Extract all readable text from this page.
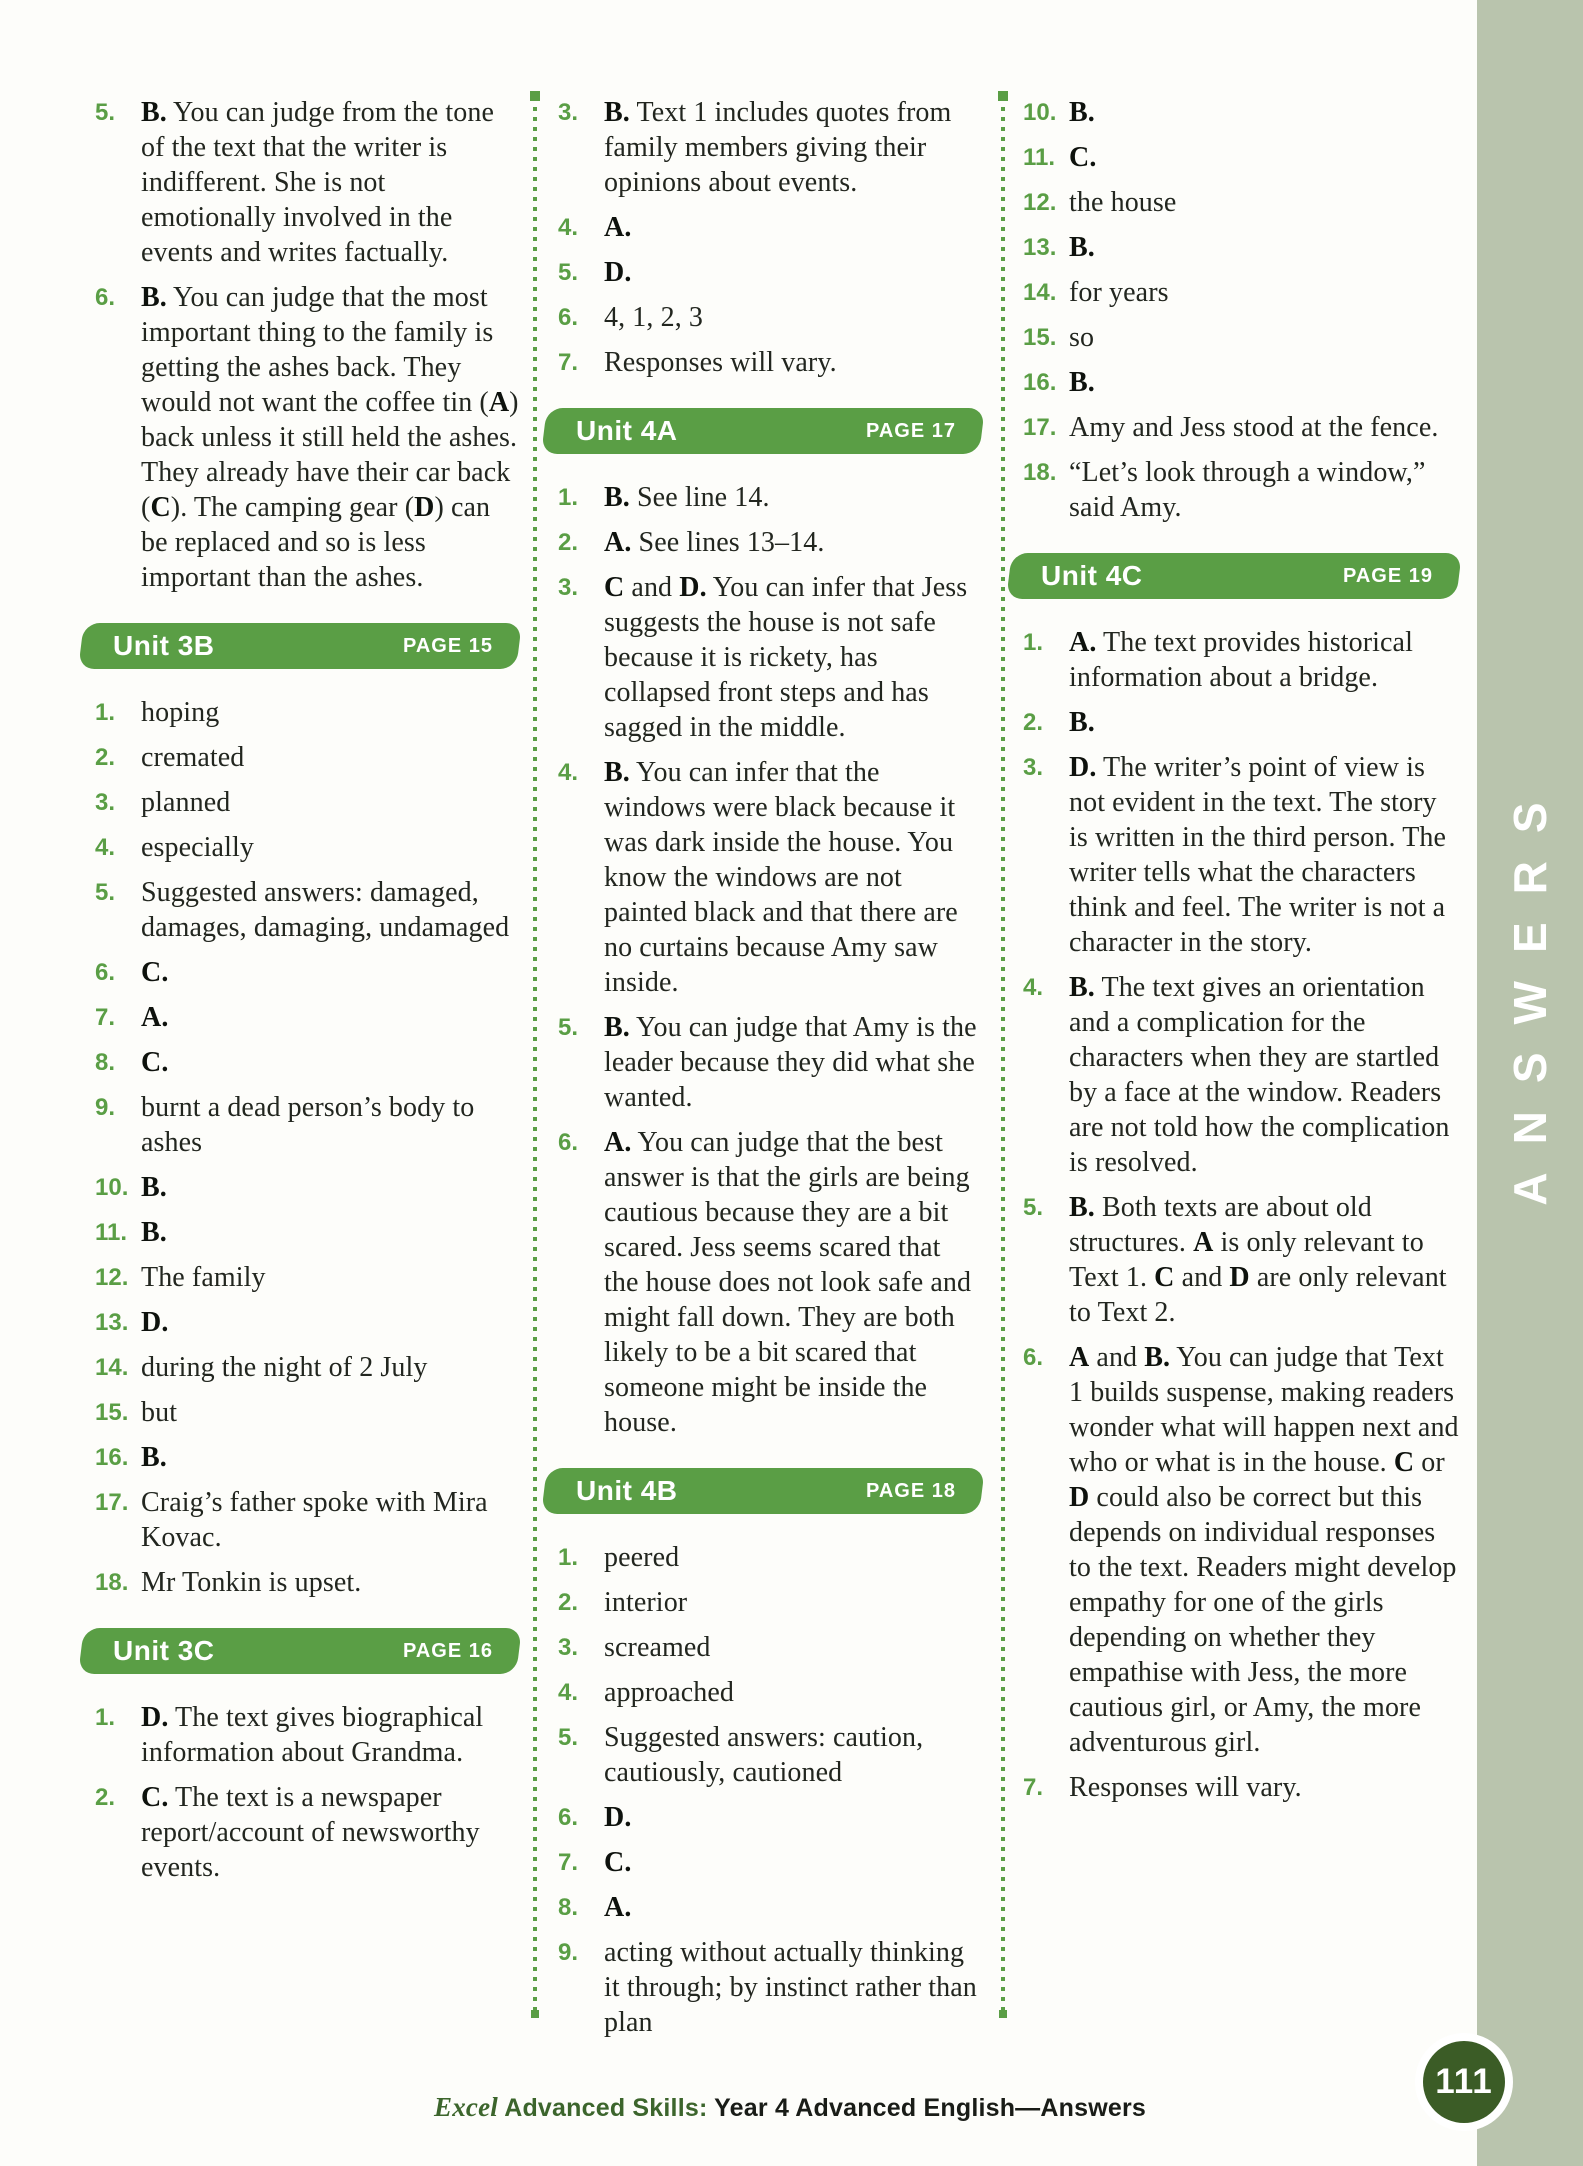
5. B. You can judge from the tone of the text that the writer is indifferent. She is not emotionally involved in the events and writes factually.
6. B. You can judge that the most important thing to the family is getting the ashes back. They would not want the coffee tin (A) back unless it still held the ashes. They already have their car back (C). The camping gear (D) can be replaced and so is less important than the ashes.
Unit 3B	PAGE 15
1. hoping
2. cremated
3. planned
4. especially
5. Suggested answers: damaged, damages, damaging, undamaged
6. C.
7. A.
8. C.
9. burnt a dead person’s body to ashes
10. B.
11. B.
12. The family
13. D.
14. during the night of 2 July
15. but
16. B.
17. Craig’s father spoke with Mira Kovac.
18. Mr Tonkin is upset.
Unit 3C	PAGE 16
1. D. The text gives biographical information about Grandma.
2. C. The text is a newspaper report/account of newsworthy events.
3. B. Text 1 includes quotes from family members giving their opinions about events.
4. A.
5. D.
6. 4, 1, 2, 3
7. Responses will vary.
Unit 4A	PAGE 17
1. B. See line 14.
2. A. See lines 13–14.
3. C and D. You can infer that Jess suggests the house is not safe because it is rickety, has collapsed front steps and has sagged in the middle.
4. B. You can infer that the windows were black because it was dark inside the house. You know the windows are not painted black and that there are no curtains because Amy saw inside.
5. B. You can judge that Amy is the leader because they did what she wanted.
6. A. You can judge that the best answer is that the girls are being cautious because they are a bit scared. Jess seems scared that the house does not look safe and might fall down. They are both likely to be a bit scared that someone might be inside the house.
Unit 4B	PAGE 18
1. peered
2. interior
3. screamed
4. approached
5. Suggested answers: caution, cautiously, cautioned
6. D.
7. C.
8. A.
9. acting without actually thinking it through; by instinct rather than plan
10. B.
11. C.
12. the house
13. B.
14. for years
15. so
16. B.
17. Amy and Jess stood at the fence.
18. “Let’s look through a window,” said Amy.
Unit 4C	PAGE 19
1. A. The text provides historical information about a bridge.
2. B.
3. D. The writer’s point of view is not evident in the text. The story is written in the third person. The writer tells what the characters think and feel. The writer is not a character in the story.
4. B. The text gives an orientation and a complication for the characters when they are startled by a face at the window. Readers are not told how the complication is resolved.
5. B. Both texts are about old structures. A is only relevant to Text 1. C and D are only relevant to Text 2.
6. A and B. You can judge that Text 1 builds suspense, making readers wonder what will happen next and who or what is in the house. C or D could also be correct but this depends on individual responses to the text. Readers might develop empathy for one of the girls depending on whether they empathise with Jess, the more cautious girl, or Amy, the more adventurous girl.
7. Responses will vary.
ANSWERS
111
Excel Advanced Skills: Year 4 Advanced English—Answers
